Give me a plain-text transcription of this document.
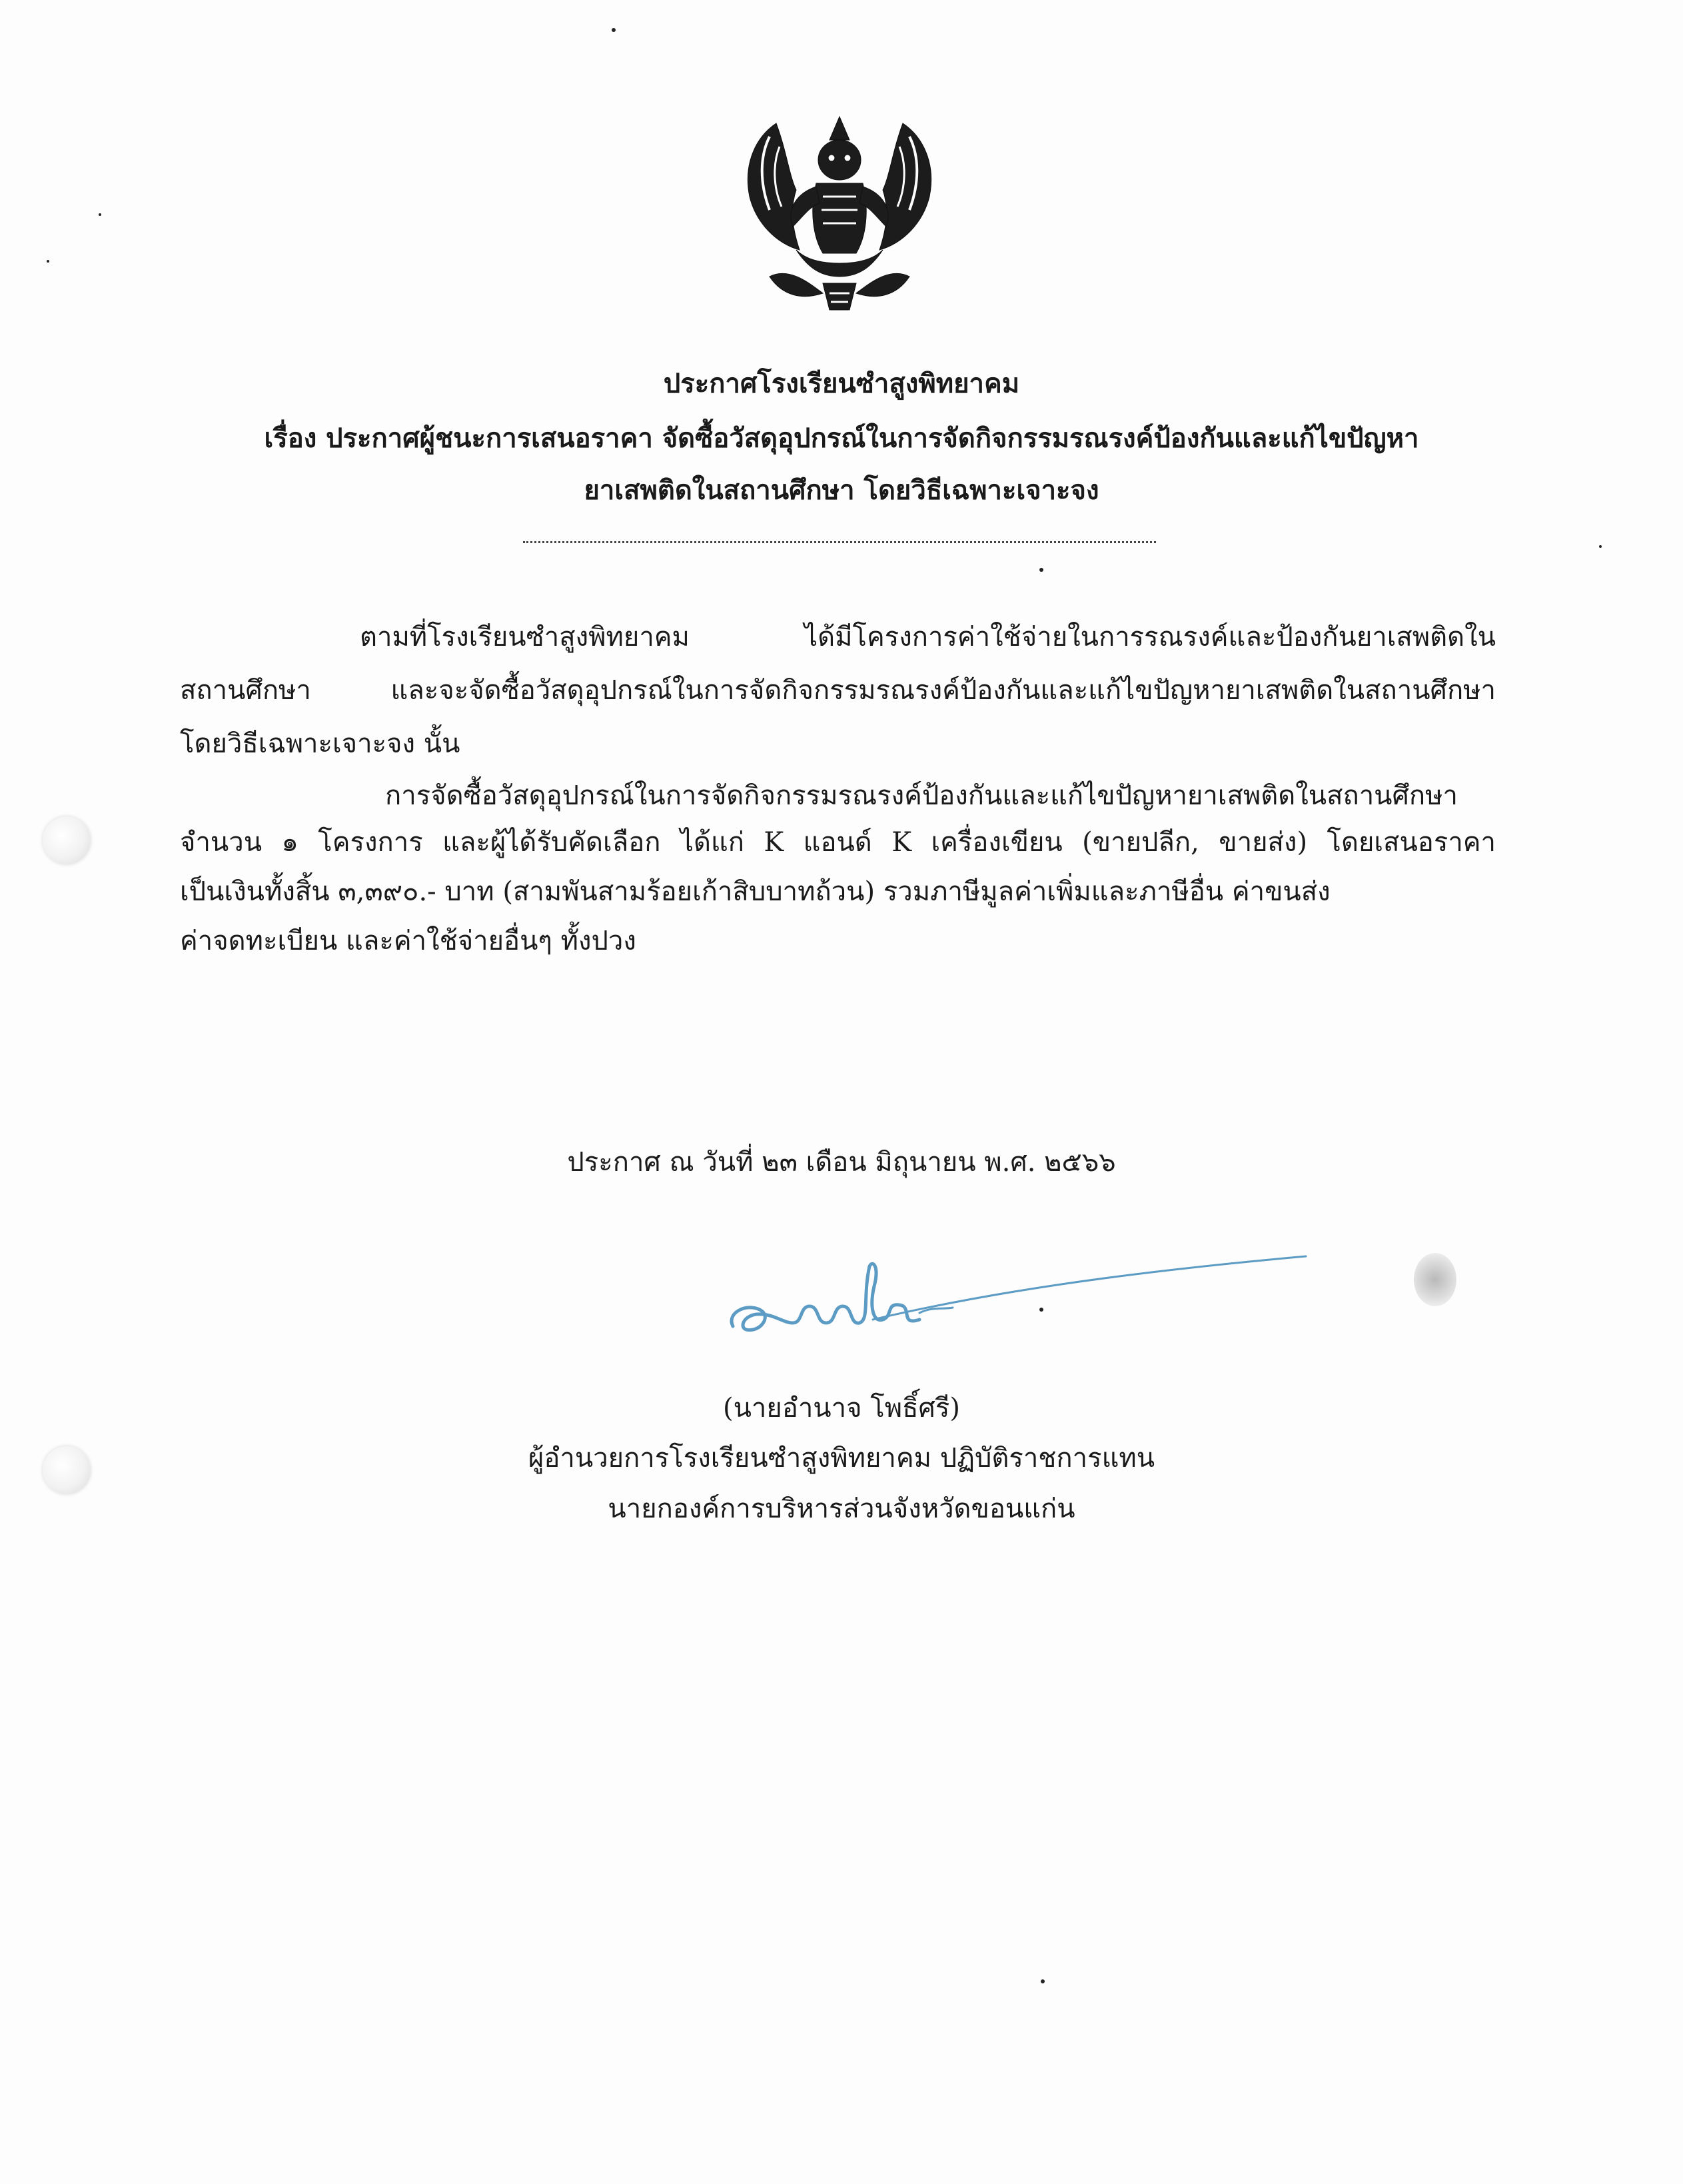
ประกาศโรงเรียนซำสูงพิทยาคม
เรื่อง ประกาศผู้ชนะการเสนอราคา จัดซื้อวัสดุอุปกรณ์ในการจัดกิจกรรมรณรงค์ป้องกันและแก้ไขปัญหา
ยาเสพติดในสถานศึกษา โดยวิธีเฉพาะเจาะจง
ตามที่โรงเรียนซำสูงพิทยาคม ได้มีโครงการค่าใช้จ่ายในการรณรงค์และป้องกันยาเสพติดใน
สถานศึกษา และจะจัดซื้อวัสดุอุปกรณ์ในการจัดกิจกรรมรณรงค์ป้องกันและแก้ไขปัญหายาเสพติดในสถานศึกษา
โดยวิธีเฉพาะเจาะจง นั้น
การจัดซื้อวัสดุอุปกรณ์ในการจัดกิจกรรมรณรงค์ป้องกันและแก้ไขปัญหายาเสพติดในสถานศึกษา
จำนวน ๑ โครงการ และผู้ได้รับคัดเลือก ได้แก่ K แอนด์ K เครื่องเขียน (ขายปลีก, ขายส่ง) โดยเสนอราคา
เป็นเงินทั้งสิ้น ๓,๓๙๐.- บาท (สามพันสามร้อยเก้าสิบบาทถ้วน) รวมภาษีมูลค่าเพิ่มและภาษีอื่น ค่าขนส่ง
ค่าจดทะเบียน และค่าใช้จ่ายอื่นๆ ทั้งปวง
ประกาศ ณ วันที่ ๒๓ เดือน มิถุนายน พ.ศ. ๒๕๖๖
(นายอำนาจ โพธิ์ศรี)
ผู้อำนวยการโรงเรียนซำสูงพิทยาคม ปฏิบัติราชการแทน
นายกองค์การบริหารส่วนจังหวัดขอนแก่น
